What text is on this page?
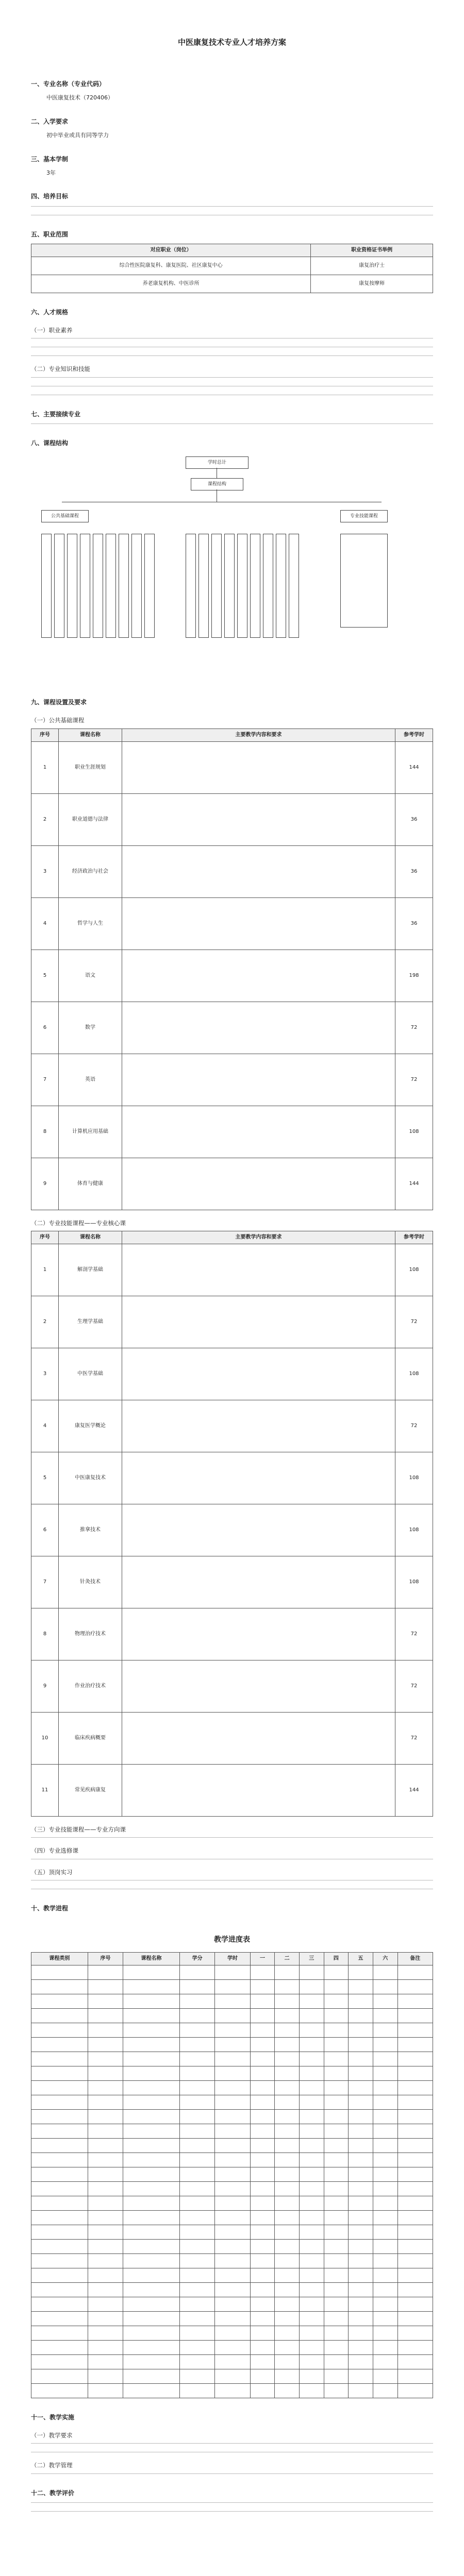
中医康复技术专业人才培养方案
一、专业名称（专业代码）
中医康复技术（720406）
二、入学要求
初中毕业或具有同等学力
三、基本学制
3年
四、培养目标
五、职业范围
对应职业（岗位）	职业资格证书举例
综合性医院康复科、康复医院、社区康复中心	康复治疗士
养老康复机构、中医诊所	康复按摩师
六、人才规格
（一）职业素养
（二）专业知识和技能
七、主要接续专业
八、课程结构
学时总计
课程结构
公共基础课程	专业技能课程
九、课程设置及要求
（一）公共基础课程
序号	课程名称	主要教学内容和要求	参考学时
1	职业生涯规划		144
2	职业道德与法律		36
3	经济政治与社会		36
4	哲学与人生		36
5	语文		198
6	数学		72
7	英语		72
8	计算机应用基础		108
9	体育与健康		144
（二）专业技能课程——专业核心课
序号	课程名称	主要教学内容和要求	参考学时
1	解剖学基础		108
2	生理学基础		72
3	中医学基础		108
4	康复医学概论		72
5	中医康复技术		108
6	推拿技术		108
7	针灸技术		108
8	物理治疗技术		72
9	作业治疗技术		72
10	临床疾病概要		72
11	常见疾病康复		144
（三）专业技能课程——专业方向课
（四）专业选修课
（五）顶岗实习
十、教学进程
教学进度表
课程类别	序号	课程名称	学分	学时	一	二	三	四	五	六	备注

十一、教学实施
（一）教学要求
（二）教学管理
十二、教学评价
